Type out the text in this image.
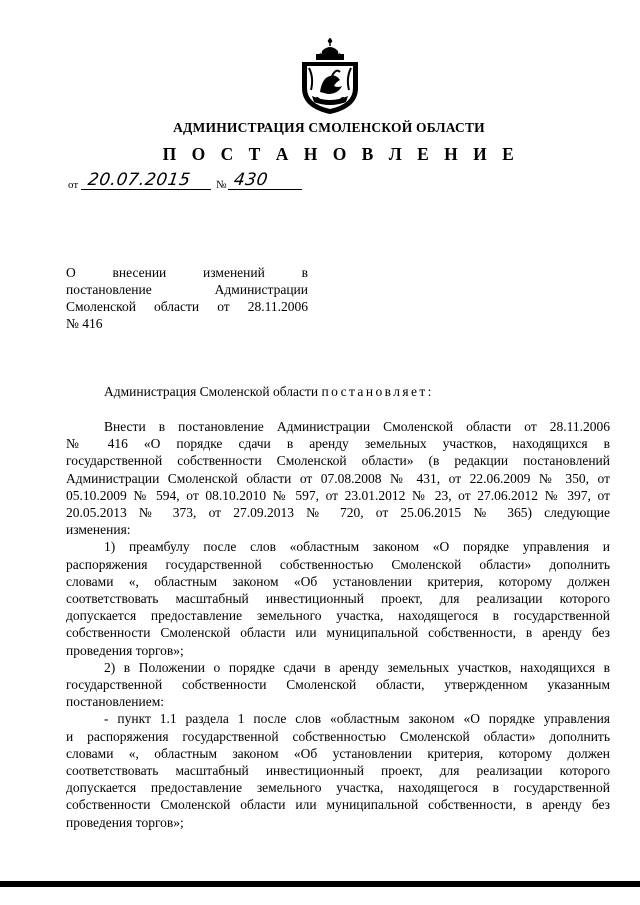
АДМИНИСТРАЦИЯ СМОЛЕНСКОЙ ОБЛАСТИ
П О С Т А Н О В Л Е Н И Е
от 20.07.2015 № 430
О внесении изменений в
постановление Администрации
Смоленской области от 28.11.2006
№ 416
Администрация Смоленской области постановляет:
Внести в постановление Администрации Смоленской области от 28.11.2006
№ 416 «О порядке сдачи в аренду земельных участков, находящихся в
государственной собственности Смоленской области» (в редакции постановлений
Администрации Смоленской области от 07.08.2008 № 431, от 22.06.2009 № 350, от
05.10.2009 № 594, от 08.10.2010 № 597, от 23.01.2012 № 23, от 27.06.2012 № 397, от
20.05.2013 № 373, от 27.09.2013 № 720, от 25.06.2015 № 365) следующие
изменения:
1) преамбулу после слов «областным законом «О порядке управления и
распоряжения государственной собственностью Смоленской области» дополнить
словами «, областным законом «Об установлении критерия, которому должен
соответствовать масштабный инвестиционный проект, для реализации которого
допускается предоставление земельного участка, находящегося в государственной
собственности Смоленской области или муниципальной собственности, в аренду без
проведения торгов»;
2) в Положении о порядке сдачи в аренду земельных участков, находящихся в
государственной собственности Смоленской области, утвержденном указанным
постановлением:
- пункт 1.1 раздела 1 после слов «областным законом «О порядке управления
и распоряжения государственной собственностью Смоленской области» дополнить
словами «, областным законом «Об установлении критерия, которому должен
соответствовать масштабный инвестиционный проект, для реализации которого
допускается предоставление земельного участка, находящегося в государственной
собственности Смоленской области или муниципальной собственности, в аренду без
проведения торгов»;
